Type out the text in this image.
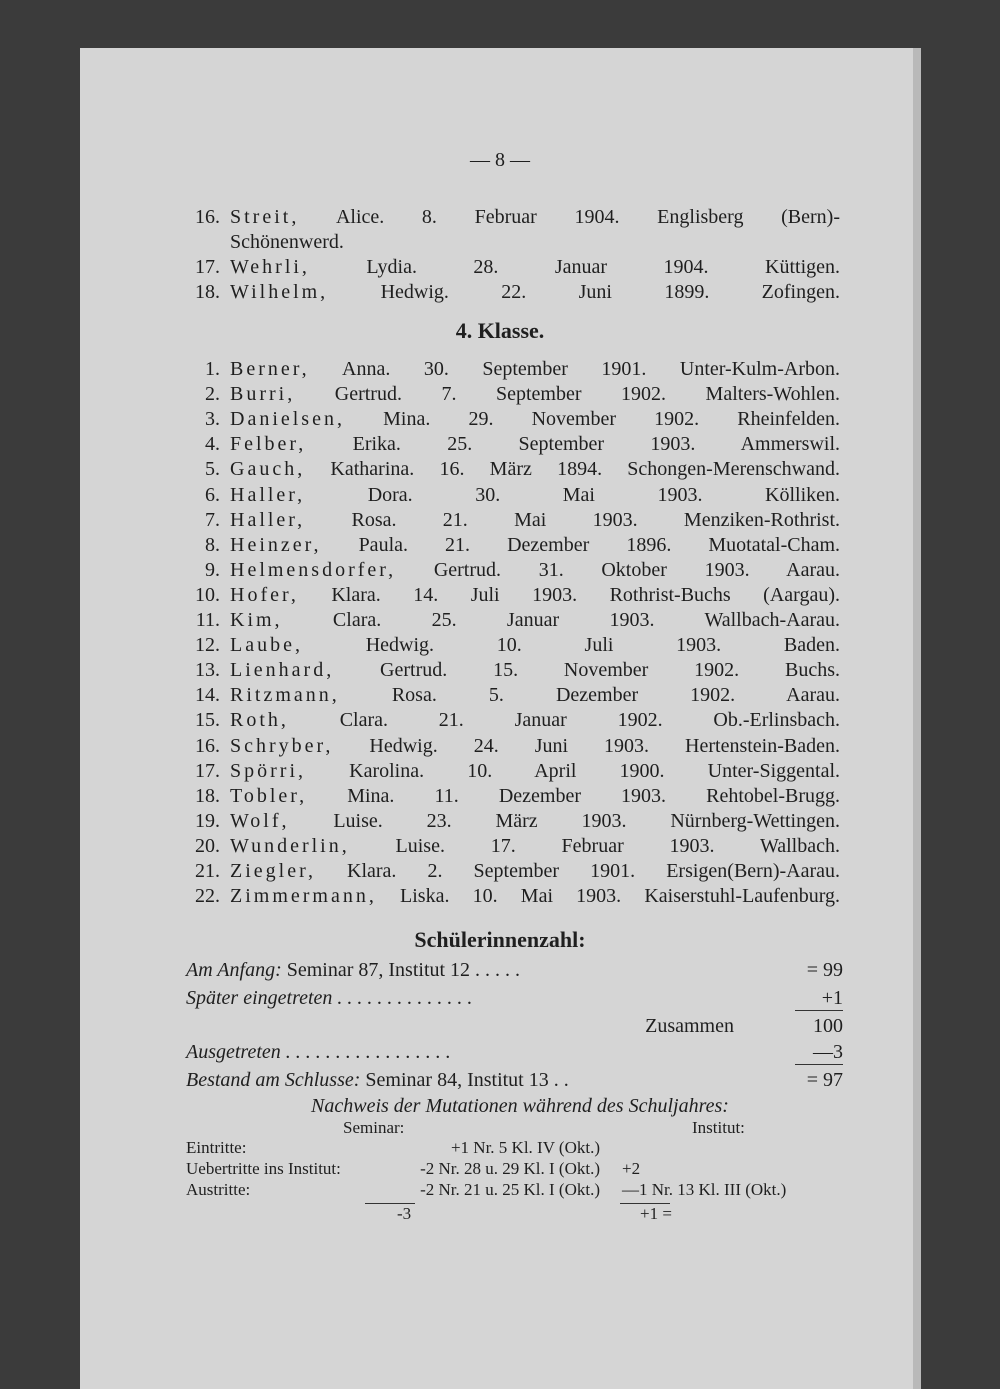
— 8 —
16. Streit, Alice. 8. Februar 1904. Englisberg (Bern)-
Schönenwerd.
17. Wehrli,	Lydia. 28. Januar 1904. Küttigen.
18. Wilhelm,	Hedwig. 22. Juni 1899. Zofingen.
4. Klasse.
1. Berner, Anna. 30. September 1901. Unter-Kulm-Arbon.
2. Burri, Gertrud. 7. September 1902. Malters-Wohlen.
3. Danielsen, Mina. 29. November 1902. Rheinfelden.
4. Felber, Erika. 25. September 1903. Ammerswil.
5. Gauch, Katharina. 16. März 1894. Schongen-Merenschwand.
6. Haller,	Dora. 30. Mai 1903. Kölliken.
7. Haller, Rosa. 21. Mai 1903. Menziken-Rothrist.
8. Heinzer, Paula. 21. Dezember 1896. Muotatal-Cham.
9. Helmensdorfer, Gertrud. 31. Oktober 1903. Aarau.
10. Hofer, Klara. 14. Juli 1903. Rothrist-Buchs (Aargau).
11. Kim,	Clara. 25. Januar 1903. Wallbach-Aarau.
12. Laube,	Hedwig. 10. Juli 1903. Baden.
13. Lienhard, Gertrud. 15. November 1902. Buchs.
14. Ritzmann,	Rosa. 5. Dezember 1902. Aarau.
15. Roth,	Clara. 21. Januar 1902. Ob.-Erlinsbach.
16. Schryber, Hedwig. 24. Juni 1903. Hertenstein-Baden.
17. Spörri, Karolina. 10. April 1900. Unter-Siggental.
18. Tobler, Mina. 11. Dezember 1903. Rehtobel-Brugg.
19. Wolf, Luise. 23. März 1903. Nürnberg-Wettingen.
20. Wunderlin, Luise. 17. Februar 1903. Wallbach.
21. Ziegler, Klara. 2. September 1901. Ersigen(Bern)-Aarau.
22. Zimmermann, Liska. 10. Mai 1903. Kaiserstuhl-Laufenburg.
Schülerinnenzahl:
Am Anfang: Seminar 87, Institut 12 . . . . .	= 99
Später eingetreten . . . . . . . . . . . . . .	+1
Zusammen	100
Ausgetreten . . . . . . . . . . . . . . . . .	—3
Bestand am Schlusse: Seminar 84, Institut 13 . .	= 97
Nachweis der Mutationen während des Schuljahres:
Seminar:	Institut:
Eintritte:	+1 Nr. 5 Kl. IV (Okt.)
Uebertritte ins Institut:	-2 Nr. 28 u. 29 Kl. I (Okt.) +2
Austritte:	-2 Nr. 21 u. 25 Kl. I (Okt.) —1 Nr. 13 Kl. III (Okt.)
-3	+1 =
